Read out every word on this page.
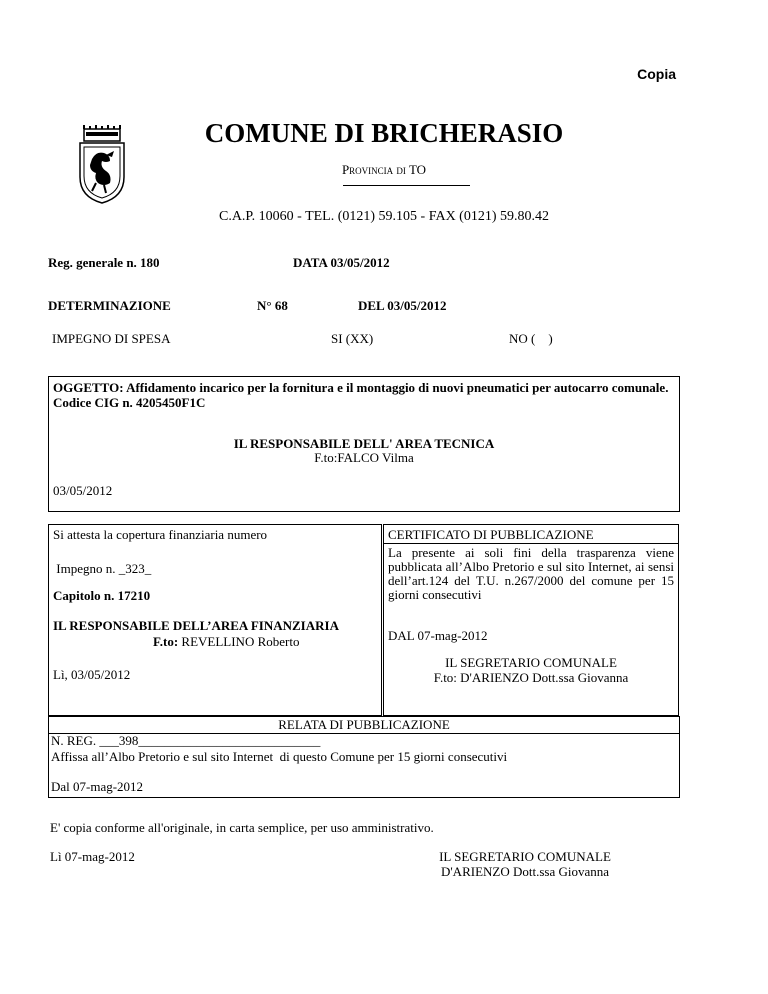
Copia
COMUNE DI BRICHERASIO
Provincia di TO
C.A.P. 10060 - TEL. (0121) 59.105 - FAX (0121) 59.80.42
Reg. generale n. 180	DATA 03/05/2012
DETERMINAZIONE	N° 68	DEL 03/05/2012
IMPEGNO DI SPESA	SI (XX)	NO (    )
OGGETTO: Affidamento incarico per la fornitura e il montaggio di nuovi pneumatici per autocarro comunale. Codice CIG n. 4205450F1C
IL RESPONSABILE DELL' AREA TECNICA
F.to:FALCO Vilma
03/05/2012
Si attesta la copertura finanziaria numero
Impegno n. _323_
Capitolo n. 17210
IL RESPONSABILE DELL’AREA FINANZIARIA
F.to: REVELLINO Roberto
Lì, 03/05/2012
CERTIFICATO DI PUBBLICAZIONE
La presente ai soli fini della trasparenza viene pubblicata all’Albo Pretorio e sul sito Internet, ai sensi dell’art.124 del T.U. n.267/2000 del comune per 15 giorni consecutivi
DAL 07-mag-2012
IL SEGRETARIO COMUNALE
F.to: D'ARIENZO Dott.ssa Giovanna
RELATA DI PUBBLICAZIONE
N. REG. ___398____________________________
Affissa all’Albo Pretorio e sul sito Internet  di questo Comune per 15 giorni consecutivi
Dal 07-mag-2012
E' copia conforme all'originale, in carta semplice, per uso amministrativo.
Lì 07-mag-2012	IL SEGRETARIO COMUNALE
D'ARIENZO Dott.ssa Giovanna
